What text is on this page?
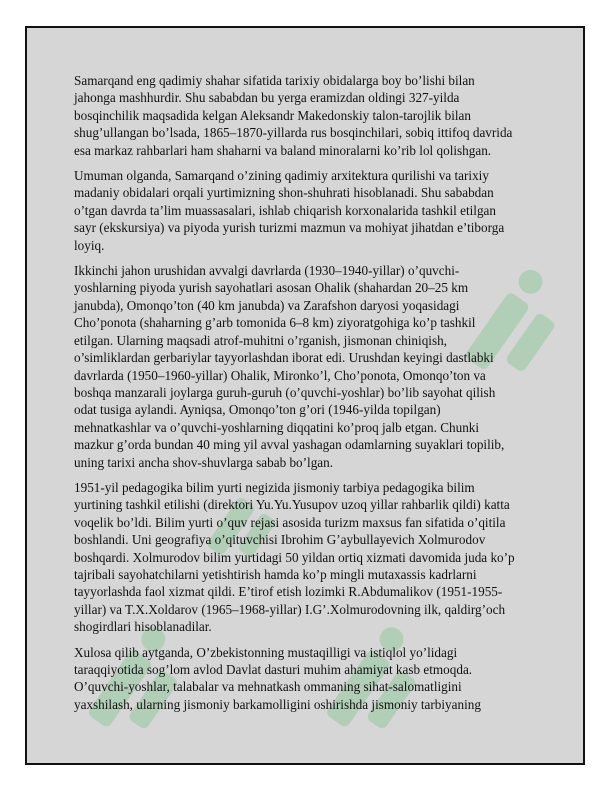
Samarqand eng qadimiy shahar sifatida tarixiy obidalarga boy bo’lishi bilan
jahonga mashhurdir. Shu sababdan bu yerga eramizdan oldingi 327-yilda
bosqinchilik maqsadida kelgan Aleksandr Makedonskiy talon-tarojlik bilan
shug’ullangan bo’lsada, 1865–1870-yillarda rus bosqinchilari, sobiq ittifoq davrida
esa markaz rahbarlari ham shaharni va baland minoralarni ko’rib lol qolishgan.

Umuman olganda, Samarqand o’zining qadimiy arxitektura qurilishi va tarixiy
madaniy obidalari orqali yurtimizning shon-shuhrati hisoblanadi. Shu sababdan
o’tgan davrda ta’lim muassasalari, ishlab chiqarish korxonalarida tashkil etilgan
sayr (ekskursiya) va piyoda yurish turizmi mazmun va mohiyat jihatdan e’tiborga
loyiq.

Ikkinchi jahon urushidan avvalgi davrlarda (1930–1940-yillar) o’quvchi-
yoshlarning piyoda yurish sayohatlari asosan Ohalik (shahardan 20–25 km
janubda), Omonqo’ton (40 km janubda) va Zarafshon daryosi yoqasidagi
Cho’ponota (shaharning g’arb tomonida 6–8 km) ziyoratgohiga ko’p tashkil
etilgan. Ularning maqsadi atrof-muhitni o’rganish, jismonan chiniqish,
o’simliklardan gerbariylar tayyorlashdan iborat edi. Urushdan keyingi dastlabki
davrlarda (1950–1960-yillar) Ohalik, Mironko’l, Cho’ponota, Omonqo’ton va
boshqa manzarali joylarga guruh-guruh (o’quvchi-yoshlar) bo’lib sayohat qilish
odat tusiga aylandi. Ayniqsa, Omonqo’ton g’ori (1946-yilda topilgan)
mehnatkashlar va o’quvchi-yoshlarning diqqatini ko’proq jalb etgan. Chunki
mazkur g’orda bundan 40 ming yil avval yashagan odamlarning suyaklari topilib,
uning tarixi ancha shov-shuvlarga sabab bo’lgan.

1951-yil pedagogika bilim yurti negizida jismoniy tarbiya pedagogika bilim
yurtining tashkil etilishi (direktori Yu.Yu.Yusupov uzoq yillar rahbarlik qildi) katta
voqelik bo’ldi. Bilim yurti o’quv rejasi asosida turizm maxsus fan sifatida o’qitila
boshlandi. Uni geografiya o’qituvchisi Ibrohim G’aybullayevich Xolmurodov
boshqardi. Xolmurodov bilim yurtidagi 50 yildan ortiq xizmati davomida juda ko’p
tajribali sayohatchilarni yetishtirish hamda ko’p mingli mutaxassis kadrlarni
tayyorlashda faol xizmat qildi. E’tirof etish lozimki R.Abdumalikov (1951-1955-
yillar) va T.X.Xoldarov (1965–1968-yillar) I.G’.Xolmurodovning ilk, qaldirg’och
shogirdlari hisoblanadilar.

Xulosa qilib aytganda, O’zbekistonning mustaqilligi va istiqlol yo’lidagi
taraqqiyotida sog’lom avlod Davlat dasturi muhim ahamiyat kasb etmoqda.
O’quvchi-yoshlar, talabalar va mehnatkash ommaning sihat-salomatligini
yaxshilash, ularning jismoniy barkamolligini oshirishda jismoniy tarbiyaning
